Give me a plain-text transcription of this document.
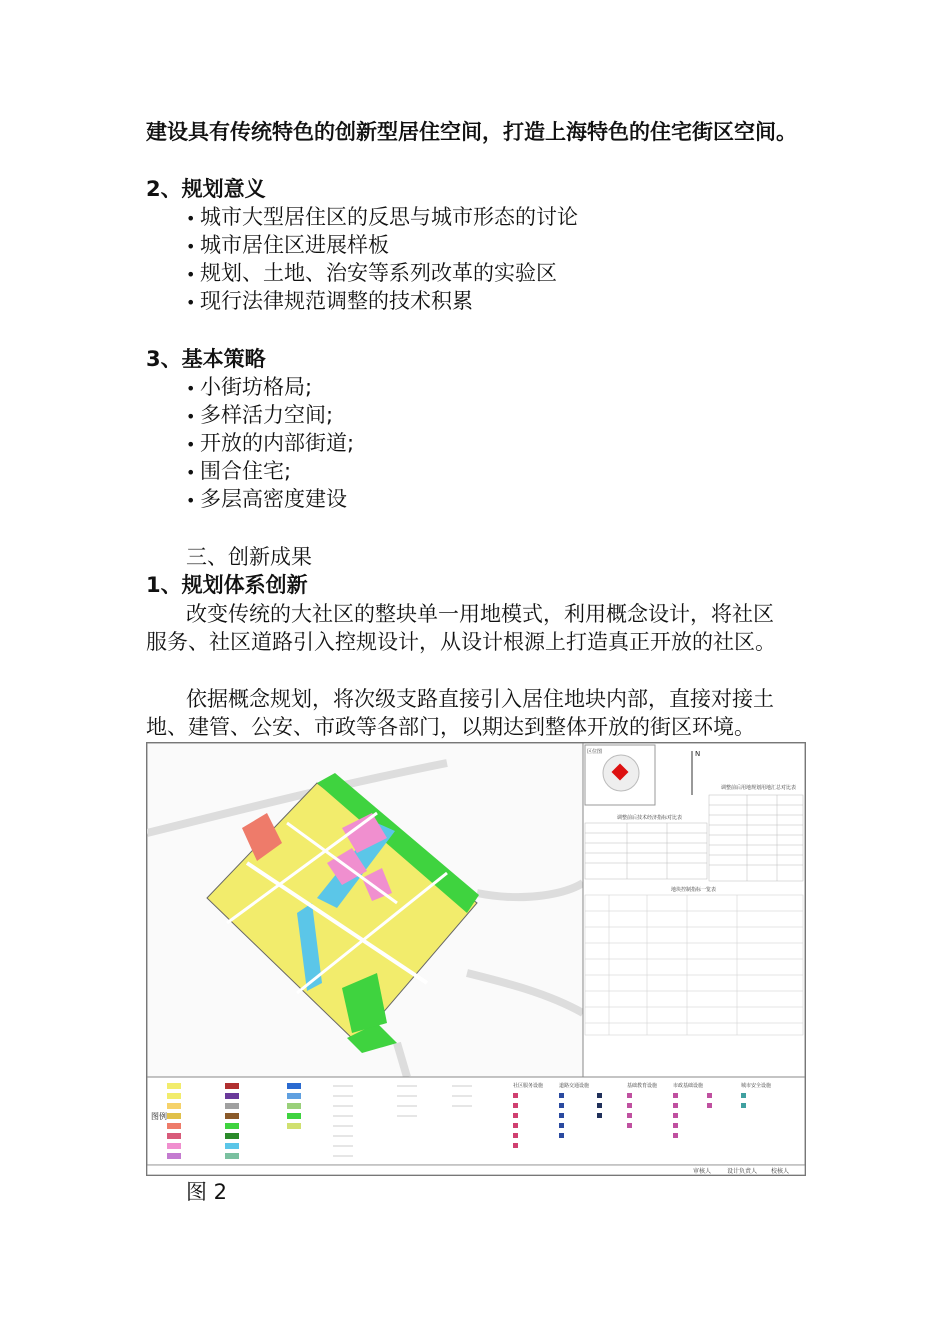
建设具有传统特色的创新型居住空间，打造上海特色的住宅街区空间。
2、规划意义
• 城市大型居住区的反思与城市形态的讨论
• 城市居住区进展样板
• 规划、土地、治安等系列改革的实验区
• 现行法律规范调整的技术积累
3、基本策略
• 小街坊格局;
• 多样活力空间;
• 开放的内部街道;
• 围合住宅;
• 多层高密度建设
三、创新成果
1、规划体系创新
改变传统的大社区的整块单一用地模式，利用概念设计，将社区
服务、社区道路引入控规设计，从设计根源上打造真正开放的社区。
依据概念规划，将次级支路直接引入居住地块内部，直接对接土
地、建管、公安、市政等各部门，以期达到整体开放的街区环境。
N
调整前后用地规划用地汇总对比表
调整前后技术经济指标对比表
地块控制指标一览表
图例
社区服务设施	道路交通设施	基础教育设施	市政基础设施	城市安全设施
审核人	设计负责人 校核人
区位图
图 2
